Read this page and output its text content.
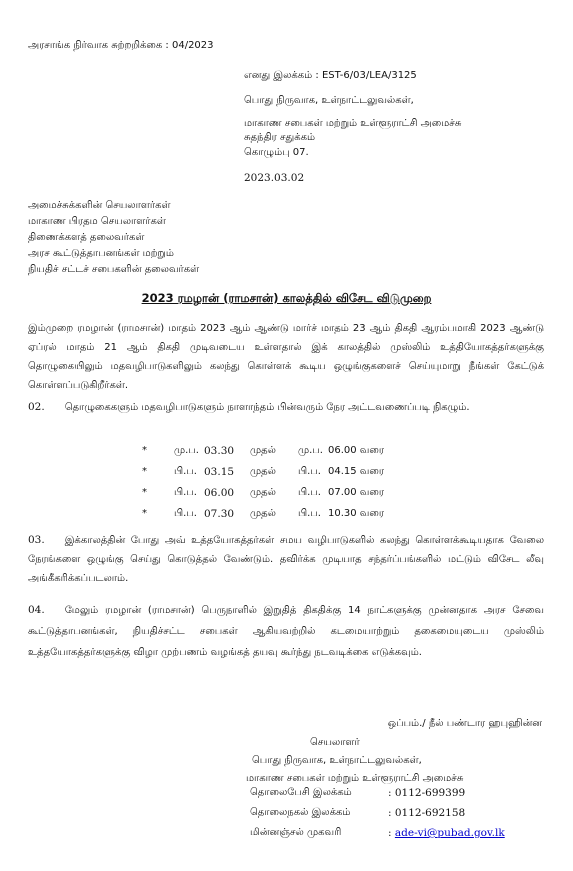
அரசாங்க நிர்வாக சுற்றறிக்கை : 04/2023
எனது இலக்கம் : EST-6/03/LEA/3125
பொது நிருவாக, உள்நாட்டலுவல்கள்,
மாகாண சபைகள் மற்றும் உள்ளூராட்சி அமைச்சு
சுதந்திர சதுக்கம்
கொழும்பு 07.
2023.03.02
அமைச்சுக்களின் செயலாளர்கள்
மாகாண பிரதம செயலாளர்கள்
திணைக்களத் தலைவர்கள்
அரச கூட்டுத்தாபனங்கள் மற்றும்
நியதிச் சட்டச் சபைகளின் தலைவர்கள்
2023 ரமழான் (ராமசான்) காலத்தில் விசேட விடுமுறை
இம்முறை ரமழான் (ராமசான்) மாதம் 2023 ஆம் ஆண்டு மார்ச் மாதம் 23 ஆம் திகதி ஆரம்பமாகி 2023 ஆண்டு ஏப்ரல் மாதம் 21 ஆம் திகதி முடிவடைய உள்ளதால் இக் காலத்தில் முஸ்லிம் உத்தியோகத்தர்களுக்கு தொழுகையிலும் மதவழிபாடுகளிலும் கலந்து கொள்ளக் கூடிய ஒழுங்குகளைச் செய்யுமாறு நீங்கள் கேட்டுக் கொள்ளப்படுகிறீர்கள்.
02. தொழுகைகளும் மதவழிபாடுகளும் நாளாந்தம் பின்வரும் நேர அட்டவணைப்படி நிகழும்.
*	மு.ப. 03.30 முதல் மு.ப. 06.00 வரை
*	பி.ப. 03.15 முதல் பி.ப. 04.15 வரை
*	பி.ப. 06.00 முதல் பி.ப. 07.00 வரை
*	பி.ப. 07.30 முதல் பி.ப. 10.30 வரை
03. இக்காலத்தின் போது அவ் உத்தயோகத்தர்கள் சமய வழிபாடுகளில் கலந்து கொள்ளக்கூடியதாக வேலை நேரங்களை ஒழுங்கு செய்து கொடுத்தல் வேண்டும். தவிர்க்க முடியாத சந்தர்ப்பங்களில் மட்டும் விசேட லீவு அங்கீகரிக்கப்படலாம்.
04. மேலும் ரமழான் (ராமசான்) பெருநாளில் இறுதித் திகதிக்கு 14 நாட்களுக்கு முன்னதாக அரச சேவை கூட்டுத்தாபனங்கள், நியதிச்சட்ட சபைகள் ஆகியவற்றில் கடமையாற்றும் தகைமையுடைய முஸ்லிம் உத்தயோகத்தர்களுக்கு விழா முற்பணம் வழங்கத் தயவு கூர்ந்து நடவடிக்கை எடுக்கவும்.
ஒப்பம்./ நீல் பண்டார ஹபுஹின்ன
செயலாளர்
பொது நிருவாக, உள்நாட்டலுவல்கள்,
மாகாண சபைகள் மற்றும் உள்ளூராட்சி அமைச்சு
தொலைபேசி இலக்கம்	: 0112-699399
தொலைநகல் இலக்கம்	: 0112-692158
மின்னஞ்சல் முகவரி	: ade-vi@pubad.gov.lk
